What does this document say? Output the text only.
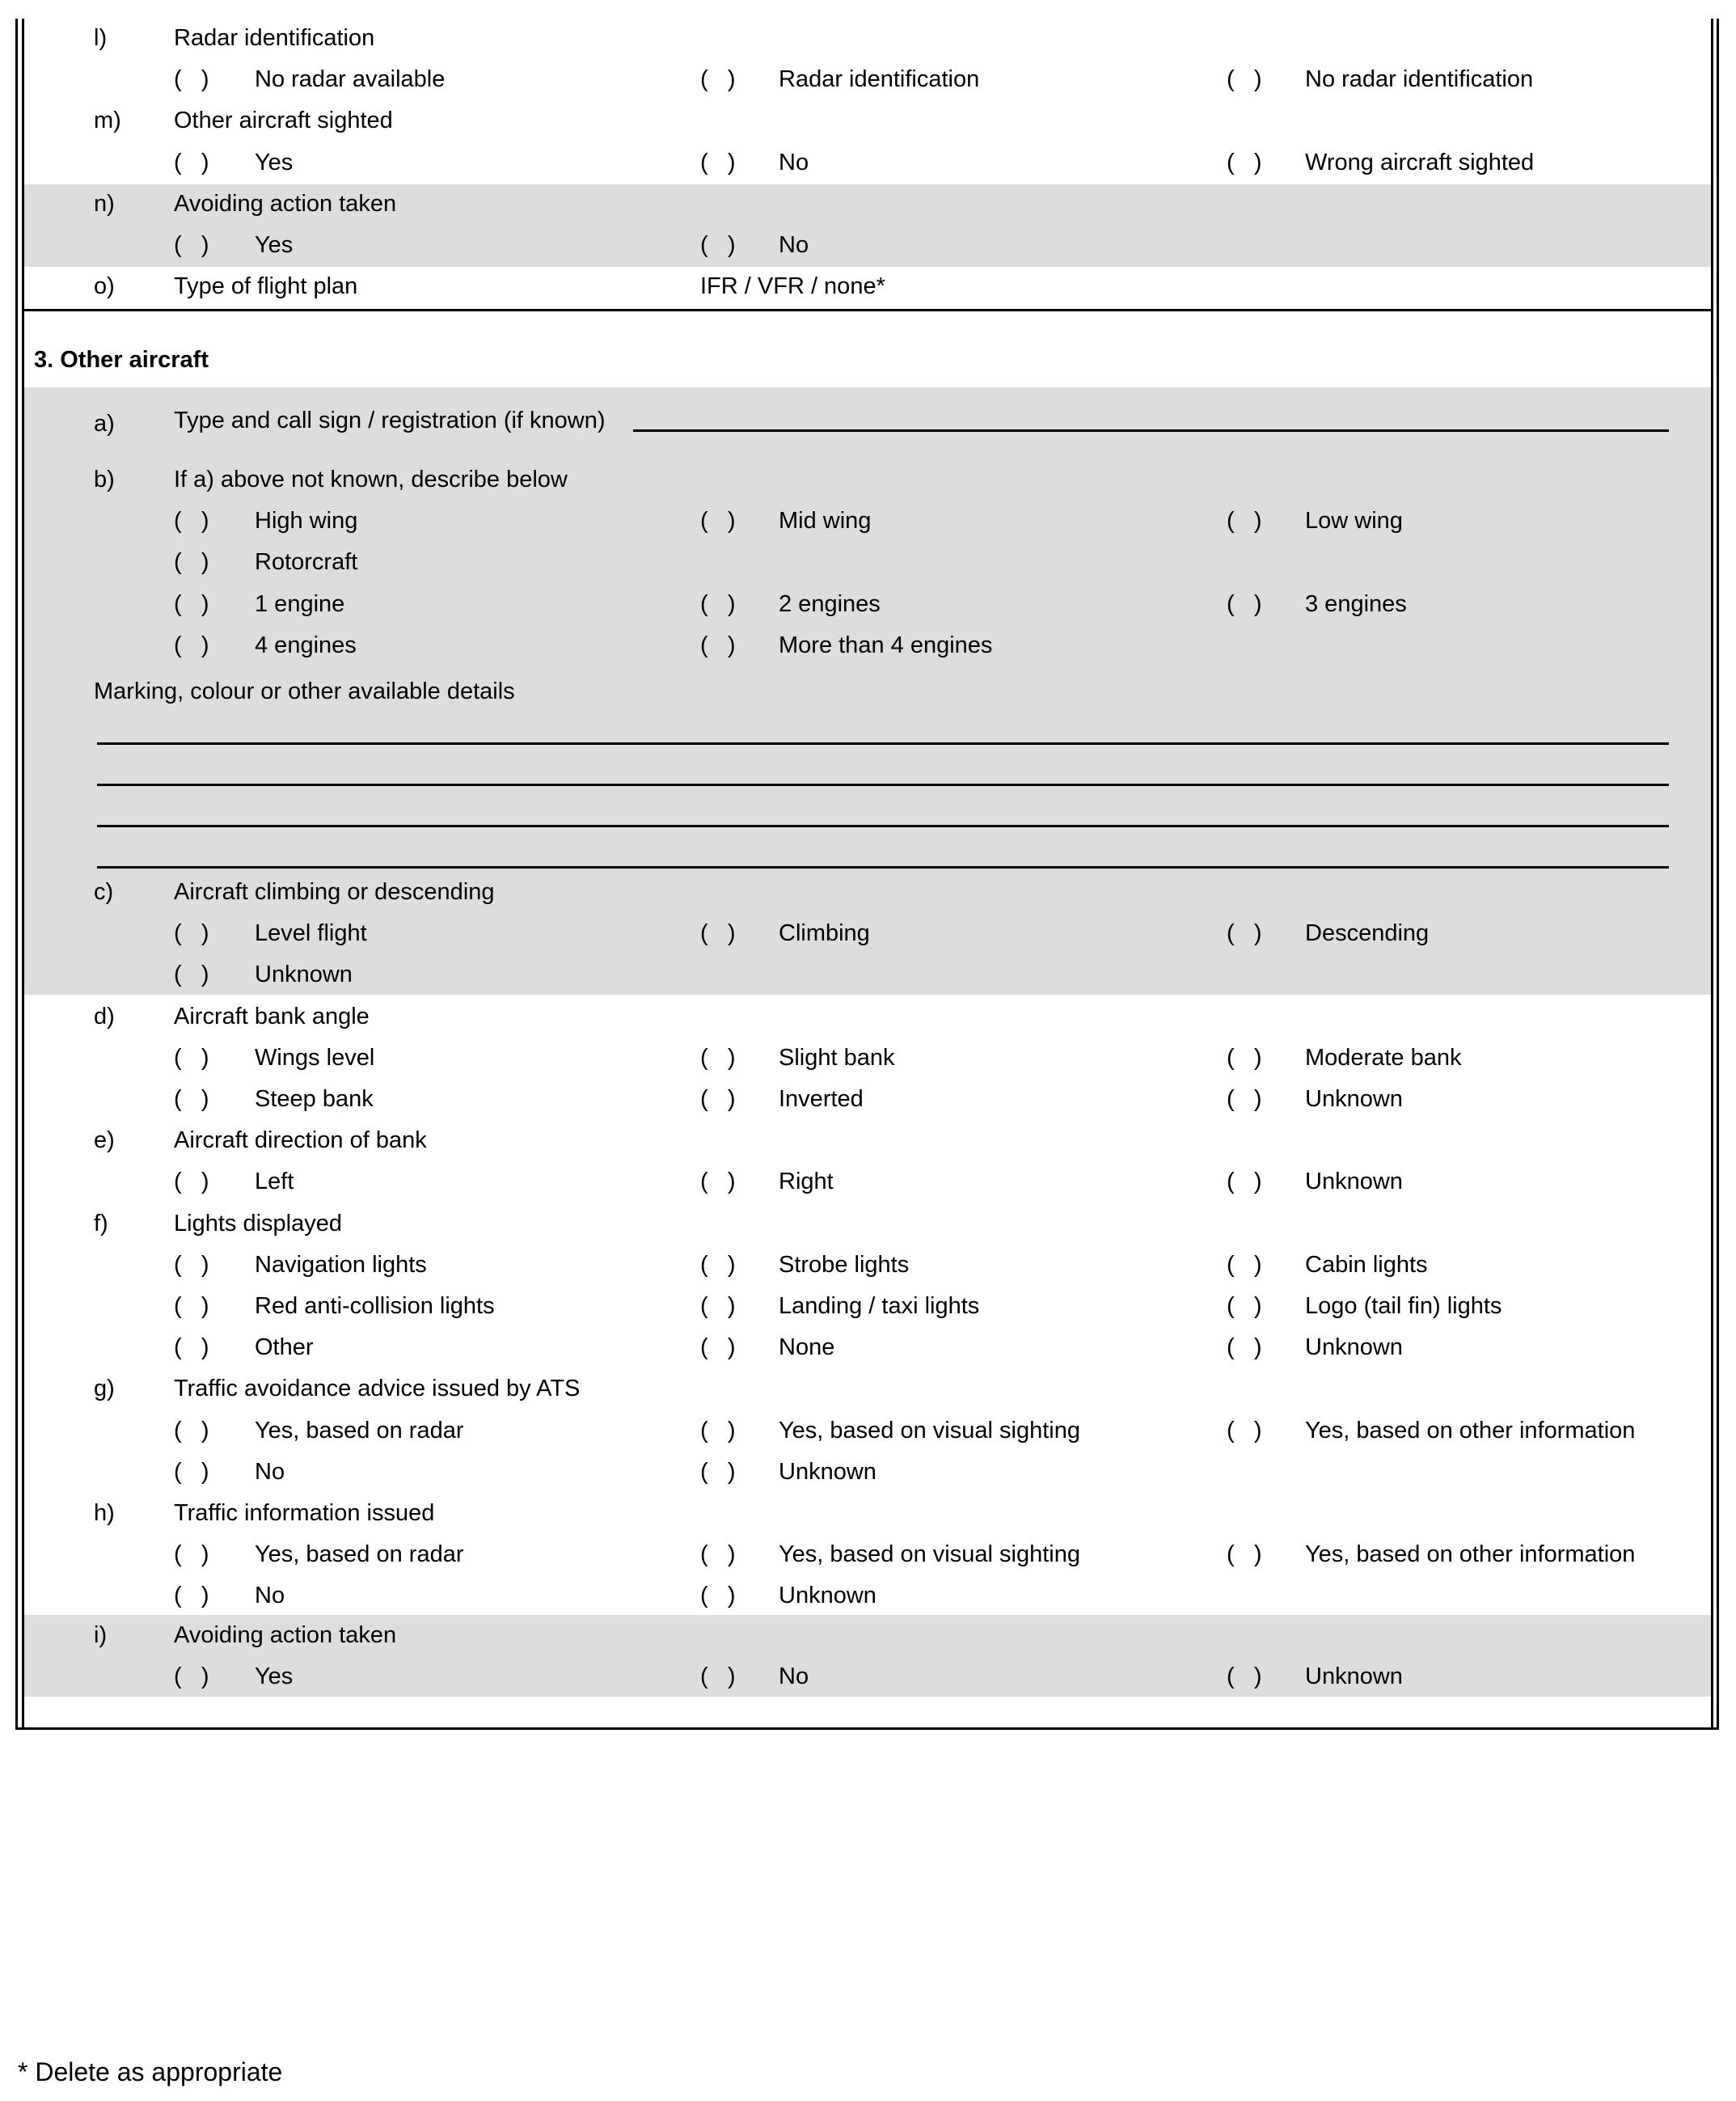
l)	Radar identification
(   )	No radar available	(   )	Radar identification	(   )	No radar identification
m) Other aircraft sighted
(   )	Yes	(   )	No	(   )	Wrong aircraft sighted
n)	Avoiding action taken
(   )	Yes	(   )	No
o)	Type of flight plan	IFR / VFR / none*
3. Other aircraft
a)	Type and call sign / registration (if known)
b)	If a) above not known, describe below
(   )	High wing	(   )	Mid wing	(   )	Low wing
(   )	Rotorcraft
(   )	1 engine	(   )	2 engines	(   )	3 engines
(   )	4 engines	(   )	More than 4 engines
Marking, colour or other available details
c)	Aircraft climbing or descending
(   )	Level flight	(   )	Climbing	(   )	Descending
(   )	Unknown
d)	Aircraft bank angle
(   )	Wings level	(   )	Slight bank	(   )	Moderate bank
(   )	Steep bank	(   )	Inverted	(   )	Unknown
e)	Aircraft direction of bank
(   )	Left	(   )	Right	(   )	Unknown
f)	Lights displayed
(   )	Navigation lights	(   )	Strobe lights	(   )	Cabin lights
(   )	Red anti-collision lights	(   )	Landing / taxi lights	(   )	Logo (tail fin) lights
(   )	Other	(   )	None	(   )	Unknown
g)	Traffic avoidance advice issued by ATS
(   )	Yes, based on radar	(   )	Yes, based on visual sighting	(   )	Yes, based on other information
(   )	No	(   )	Unknown
h)	Traffic information issued
(   )	Yes, based on radar	(   )	Yes, based on visual sighting	(   )	Yes, based on other information
(   )	No	(   )	Unknown
i)	Avoiding action taken
(   )	Yes	(   )	No	(   )	Unknown
* Delete as appropriate
